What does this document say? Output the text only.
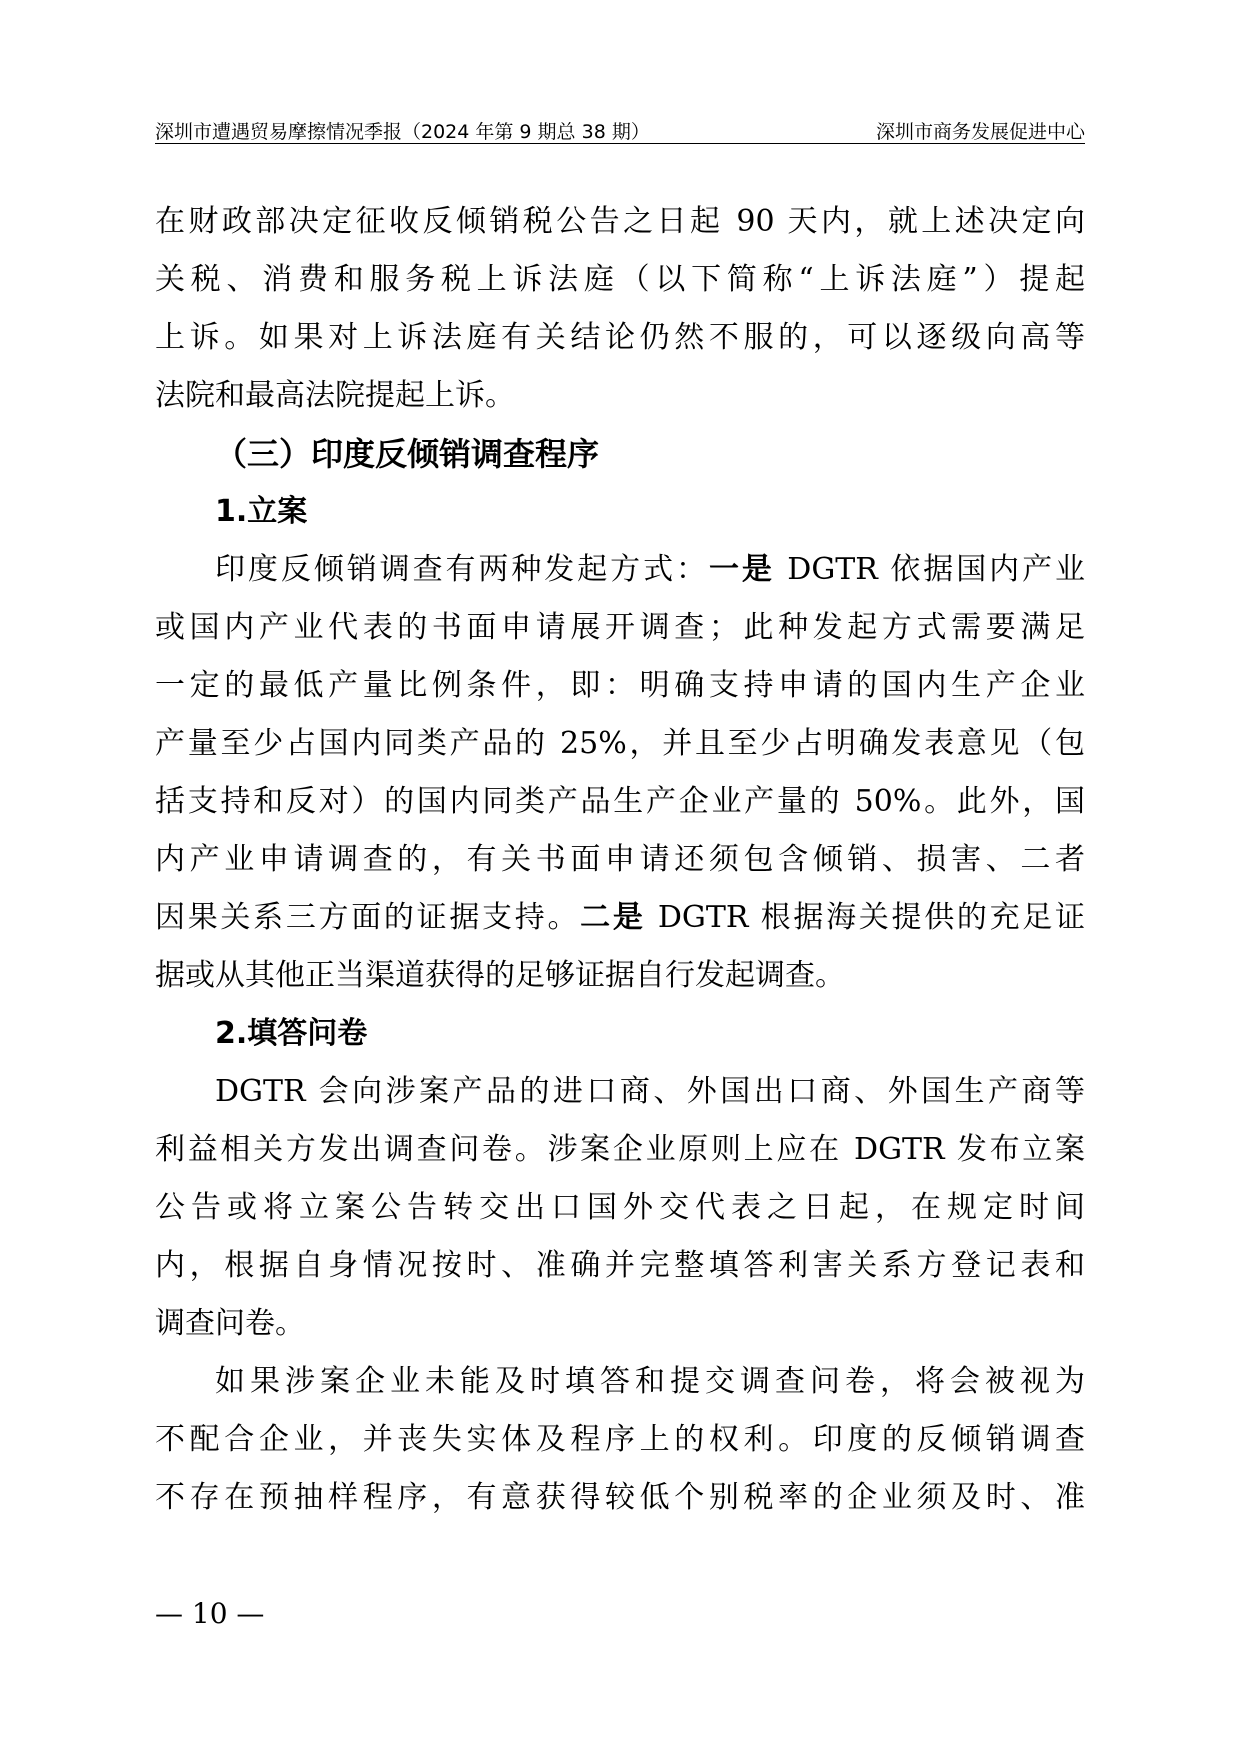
深圳市遭遇贸易摩擦情况季报（2024 年第 9 期总 38 期）	深圳市商务发展促进中心
在财政部决定征收反倾销税公告之日起 90 天内，就上述决定向
关税、消费和服务税上诉法庭（以下简称“上诉法庭”）提起
上诉。如果对上诉法庭有关结论仍然不服的，可以逐级向高等
法院和最高法院提起上诉。
（三）印度反倾销调查程序
1.立案
印度反倾销调查有两种发起方式：一是 DGTR 依据国内产业
或国内产业代表的书面申请展开调查；此种发起方式需要满足
一定的最低产量比例条件，即：明确支持申请的国内生产企业
产量至少占国内同类产品的 25%，并且至少占明确发表意见（包
括支持和反对）的国内同类产品生产企业产量的 50%。此外，国
内产业申请调查的，有关书面申请还须包含倾销、损害、二者
因果关系三方面的证据支持。二是 DGTR 根据海关提供的充足证
据或从其他正当渠道获得的足够证据自行发起调查。
2.填答问卷
DGTR 会向涉案产品的进口商、外国出口商、外国生产商等
利益相关方发出调查问卷。涉案企业原则上应在 DGTR 发布立案
公告或将立案公告转交出口国外交代表之日起，在规定时间
内，根据自身情况按时、准确并完整填答利害关系方登记表和
调查问卷。
如果涉案企业未能及时填答和提交调查问卷，将会被视为
不配合企业，并丧失实体及程序上的权利。印度的反倾销调查
不存在预抽样程序，有意获得较低个别税率的企业须及时、准
— 10 —
